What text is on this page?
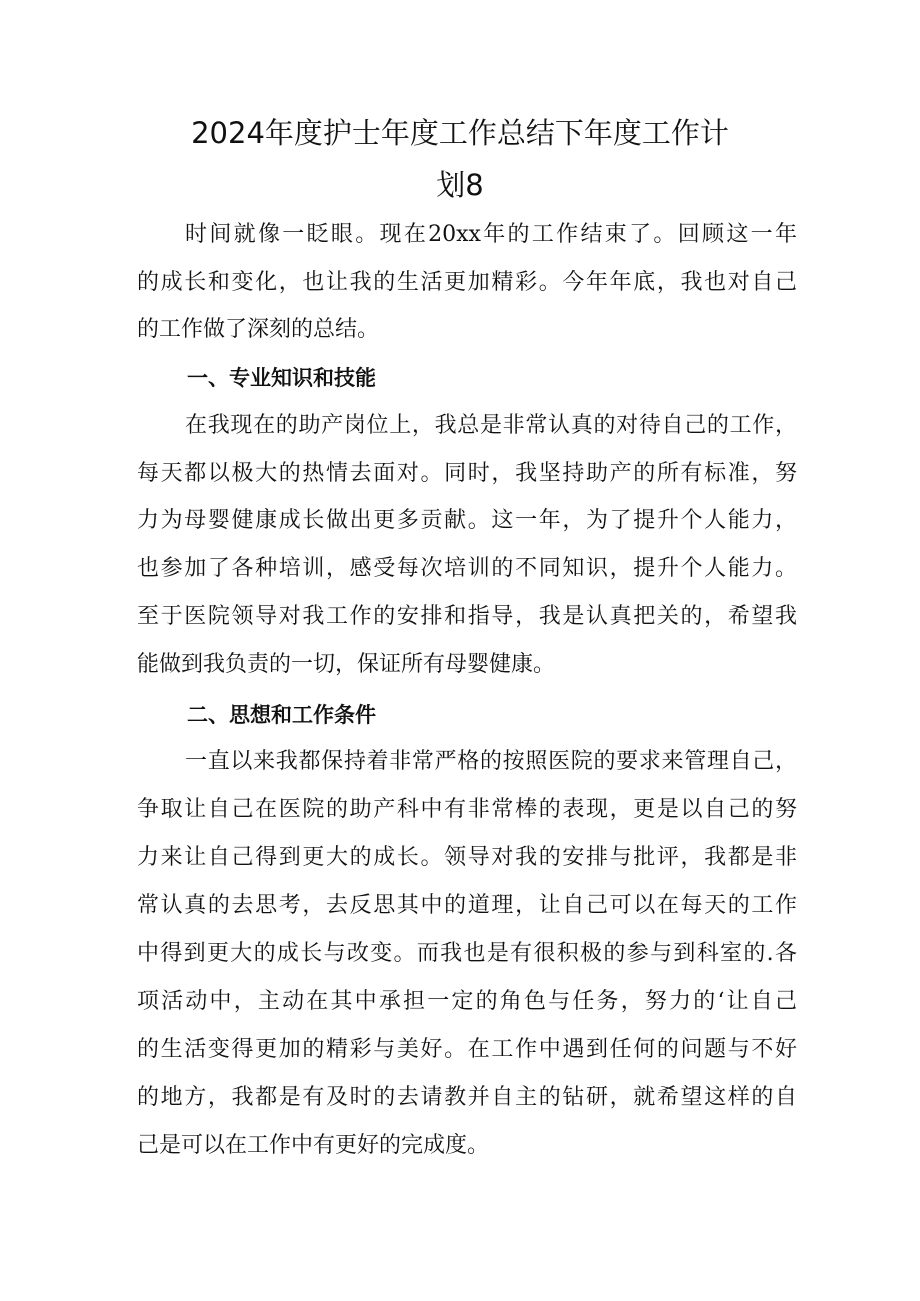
2024年度护士年度工作总结下年度工作计
划8

时间就像一眨眼。现在20xx年的工作结束了。回顾这一年

的成长和变化，也让我的生活更加精彩。今年年底，我也对自己

的工作做了深刻的总结。

一、专业知识和技能

在我现在的助产岗位上，我总是非常认真的对待自己的工作，

每天都以极大的热情去面对。同时，我坚持助产的所有标准，努

力为母婴健康成长做出更多贡献。这一年，为了提升个人能力，

也参加了各种培训，感受每次培训的不同知识，提升个人能力。

至于医院领导对我工作的安排和指导，我是认真把关的，希望我

能做到我负责的一切，保证所有母婴健康。

二、思想和工作条件

一直以来我都保持着非常严格的按照医院的要求来管理自己，

争取让自己在医院的助产科中有非常棒的表现，更是以自己的努

力来让自己得到更大的成长。领导对我的安排与批评，我都是非

常认真的去思考，去反思其中的道理，让自己可以在每天的工作

中得到更大的成长与改变。而我也是有很积极的参与到科室的.各

项活动中，主动在其中承担一定的角色与任务，努力的‘让自己

的生活变得更加的精彩与美好。在工作中遇到任何的问题与不好

的地方，我都是有及时的去请教并自主的钻研，就希望这样的自

己是可以在工作中有更好的完成度。
